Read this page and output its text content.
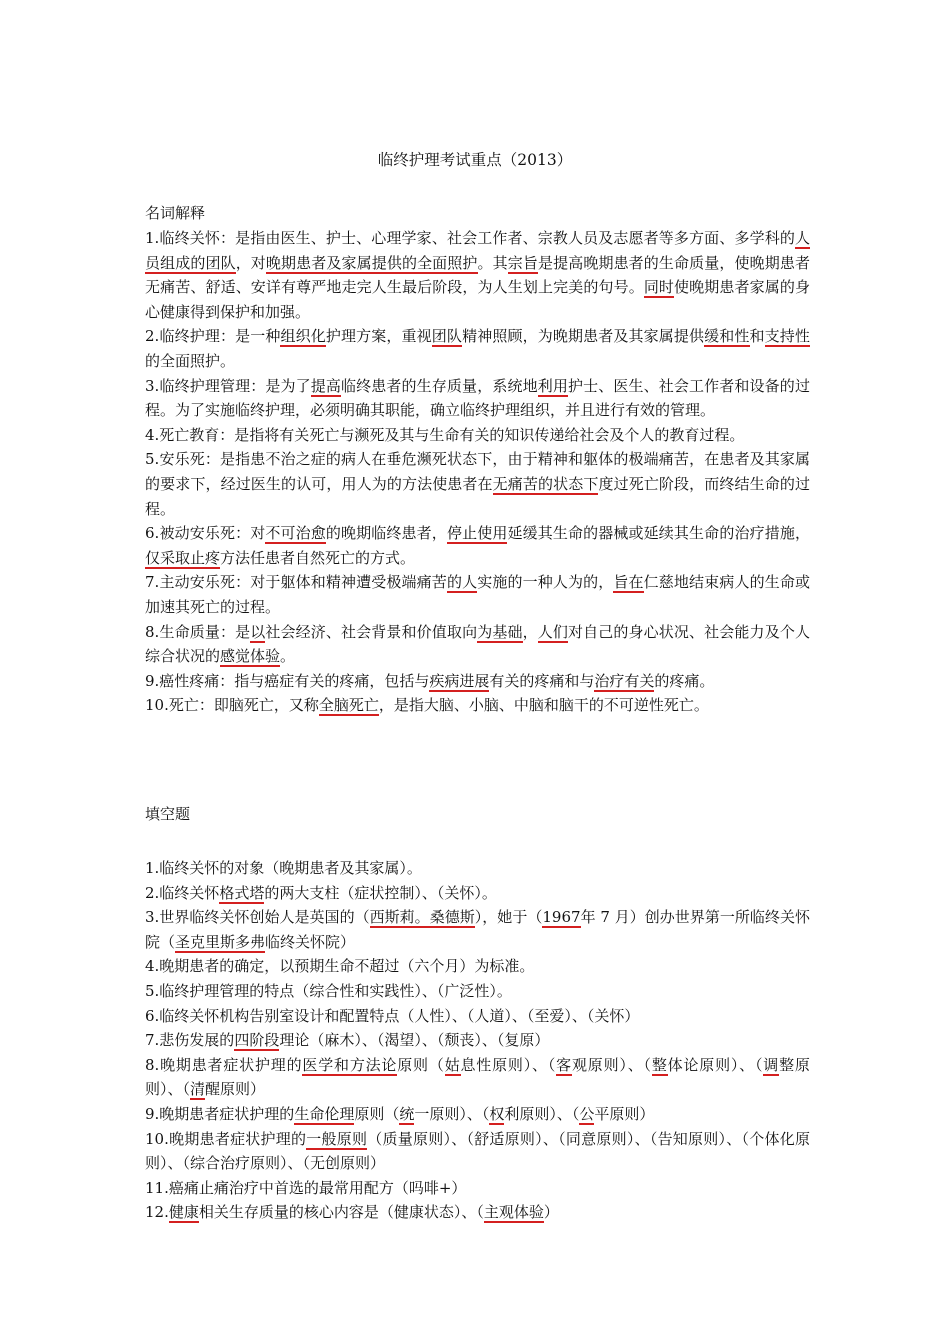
临终护理考试重点（2013）
名词解释

1.临终关怀：是指由医生、护士、心理学家、社会工作者、宗教人员及志愿者等多方面、多学科的人员组成的团队，对晚期患者及家属提供的全面照护。其宗旨是提高晚期患者的生命质量，使晚期患者无痛苦、舒适、安详有尊严地走完人生最后阶段，为人生划上完美的句号。同时使晚期患者家属的身心健康得到保护和加强。

2.临终护理：是一种组织化护理方案，重视团队精神照顾，为晚期患者及其家属提供缓和性和支持性的全面照护。

3.临终护理管理：是为了提高临终患者的生存质量，系统地利用护士、医生、社会工作者和设备的过程。为了实施临终护理，必须明确其职能，确立临终护理组织，并且进行有效的管理。

4.死亡教育：是指将有关死亡与濒死及其与生命有关的知识传递给社会及个人的教育过程。

5.安乐死：是指患不治之症的病人在垂危濒死状态下，由于精神和躯体的极端痛苦，在患者及其家属的要求下，经过医生的认可，用人为的方法使患者在无痛苦的状态下度过死亡阶段，而终结生命的过程。

6.被动安乐死：对不可治愈的晚期临终患者，停止使用延缓其生命的器械或延续其生命的治疗措施，仅采取止疼方法任患者自然死亡的方式。

7.主动安乐死：对于躯体和精神遭受极端痛苦的人实施的一种人为的，旨在仁慈地结束病人的生命或加速其死亡的过程。

8.生命质量：是以社会经济、社会背景和价值取向为基础，人们对自己的身心状况、社会能力及个人综合状况的感觉体验。

9.癌性疼痛：指与癌症有关的疼痛，包括与疾病进展有关的疼痛和与治疗有关的疼痛。

10.死亡：即脑死亡，又称全脑死亡，是指大脑、小脑、中脑和脑干的不可逆性死亡。

填空题

1.临终关怀的对象（晚期患者及其家属）。

2.临终关怀格式塔的两大支柱（症状控制）、（关怀）。

3.世界临终关怀创始人是英国的（西斯莉。桑德斯），她于（1967年 7 月）创办世界第一所临终关怀院（圣克里斯多弗临终关怀院）

4.晚期患者的确定，以预期生命不超过（六个月）为标准。

5.临终护理管理的特点（综合性和实践性）、（广泛性）。

6.临终关怀机构告别室设计和配置特点（人性）、（人道）、（至爱）、（关怀）

7.悲伤发展的四阶段理论（麻木）、（渴望）、（颓丧）、（复原）

8.晚期患者症状护理的医学和方法论原则（姑息性原则）、（客观原则）、（整体论原则）、（调整原则）、（清醒原则）

9.晚期患者症状护理的生命伦理原则（统一原则）、（权利原则）、（公平原则）

10.晚期患者症状护理的一般原则（质量原则）、（舒适原则）、（同意原则）、（告知原则）、（个体化原则）、（综合治疗原则）、（无创原则）

11.癌痛止痛治疗中首选的最常用配方（吗啡+）

12.健康相关生存质量的核心内容是（健康状态）、（主观体验）
